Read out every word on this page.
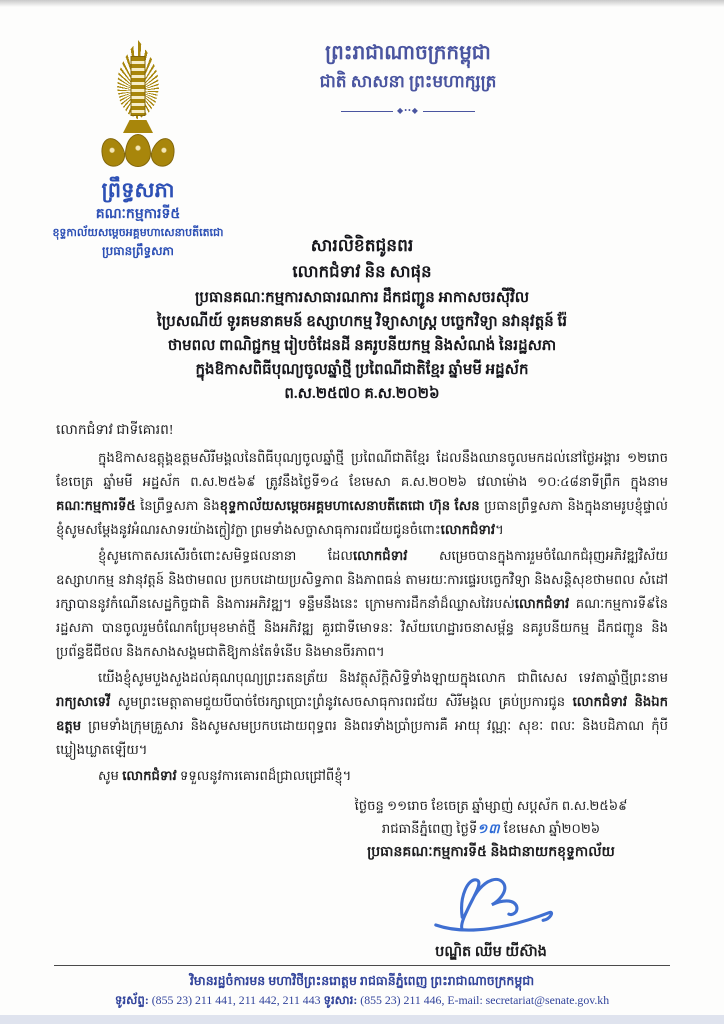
ព្រឹទ្ធសភា
គណៈកម្មការទី៥
ខុទ្ទកាល័យសម្តេចអគ្គមហាសេនាបតីតេជោ
ប្រធានព្រឹទ្ធសភា
ព្រះរាជាណាចក្រកម្ពុជា
ជាតិ សាសនា ព្រះមហាក្សត្រ
◆••◆
សារលិខិតជូនពរ
លោកជំទាវ និន សាផុន
ប្រធានគណៈកម្មការសាធារណការ ដឹកជញ្ជូន អាកាសចរស៊ីវិល
ប្រៃសណីយ៍ ទូរគមនាគមន៍ ឧស្សាហកម្ម វិទ្យាសាស្ត្រ បច្ចេកវិទ្យា នវានុវត្តន៍ រ៉ែ
ថាមពល ពាណិជ្ជកម្ម រៀបចំដែនដី នគរូបនីយកម្ម និងសំណង់ នៃរដ្ឋសភា
ក្នុងឱកាសពិធីបុណ្យចូលឆ្នាំថ្មី ប្រពៃណីជាតិខ្មែរ ឆ្នាំមមី អដ្ឋស័ក
ព.ស.២៥៧០ គ.ស.២០២៦

លោកជំទាវ ជាទីគោរព!

ក្នុងឱកាសឧត្តុង្គឧត្តមសិរីមង្គលនៃពិធីបុណ្យចូលឆ្នាំថ្មី ប្រពៃណីជាតិខ្មែរ ដែលនឹងឈានចូលមកដល់នៅថ្ងៃអង្គារ ១២រោច ខែចេត្រ ឆ្នាំមមី អដ្ឋស័ក ព.ស.២៥៦៩ ត្រូវនឹងថ្ងៃទី១៤ ខែមេសា គ.ស.២០២៦ វេលាម៉ោង ១០:៤៨នាទីព្រឹក ក្នុងនាមគណៈកម្មការទី៥ នៃព្រឹទ្ធសភា និងខុទ្ទកាល័យសម្តេចអគ្គមហាសេនាបតីតេជោ ហ៊ុន សែន ប្រធានព្រឹទ្ធសភា និងក្នុងនាមរូបខ្ញុំផ្ទាល់ ខ្ញុំសូមសម្តែងនូវអំណរសាទរយ៉ាងក្លៀវក្លា ព្រមទាំងសច្ចាសាធុការពរជ័យជូនចំពោះលោកជំទាវ។

ខ្ញុំសូមកោតសរសើរចំពោះសមិទ្ធផលនានា ដែលលោកជំទាវ សម្រេចបានក្នុងការរួមចំណែកជំរុញអភិវឌ្ឍវិស័យឧស្សាហកម្ម នវានុវត្តន៍ និងថាមពល ប្រកបដោយប្រសិទ្ធភាព និងភាពធន់ តាមរយៈការផ្ទេរបច្ចេកវិទ្យា និងសន្តិសុខថាមពល សំដៅរក្សាបាននូវកំណើនសេដ្ឋកិច្ចជាតិ និងការអភិវឌ្ឍ។ ទន្ទឹមនឹងនេះ ក្រោមការដឹកនាំដ៏ឈ្លាសវៃរបស់លោកជំទាវ គណៈកម្មការទី៩នៃរដ្ឋសភា បានចូលរួមចំណែកប្រែមុខមាត់ថ្មី និងអភិវឌ្ឍ គួរជាទីមោទនៈ វិស័យហេដ្ឋារចនាសម្ព័ន្ធ នគរូបនីយកម្ម ដឹកជញ្ជូន និងប្រព័ន្ធឌីជីថល និងកសាងសង្គមជាតិឱ្យកាន់តែទំនើប និងមានចីរភាព។

យើងខ្ញុំសូមបួងសួងដល់គុណបុណ្យព្រះរតនត្រ័យ និងវត្ថុស័ក្តិសិទ្ធិទាំងឡាយក្នុងលោក ជាពិសេស ទេវតាឆ្នាំថ្មីព្រះនាម រាក្យសាទេវី សូមព្រះមេត្តាតាមជួយបីបាច់ថែរក្សាប្រោះព្រំនូវសេចសាធុការពរជ័យ សិរីមង្គល គ្រប់ប្រការជូន លោកជំទាវ និងឯកឧត្តម ព្រមទាំងក្រុមគ្រួសារ និងសូមសមប្រកបដោយពុទ្ធពរ និងពរទាំងប្រាំប្រការគឺ អាយុ វណ្ណៈ សុខៈ ពលៈ និងបដិភាណ កុំបីឃ្លៀងឃ្លាតឡើយ។

សូម លោកជំទាវ ទទួលនូវការគោរពដ៏ជ្រាលជ្រៅពីខ្ញុំ។

ថ្ងៃចន្ទ ១១រោច ខែចេត្រ ឆ្នាំម្សាញ់ សប្តស័ក ព.ស.២៥៦៩
រាជធានីភ្នំពេញ ថ្ងៃទី១៣ ខែមេសា ឆ្នាំ២០២៦
ប្រធានគណៈកម្មការទី៥ និងជានាយកខុទ្ទកាល័យ
បណ្ឌិត ឈីម យីស៊ាង
វិមានរដ្ឋចំការមន មហាវិថីព្រះនរោត្តម រាជធានីភ្នំពេញ ព្រះរាជាណាចក្រកម្ពុជា
ទូរស័ព្ទ: (855 23) 211 441, 211 442, 211 443 ទូរសារ: (855 23) 211 446, E-mail: secretariat@senate.gov.kh
